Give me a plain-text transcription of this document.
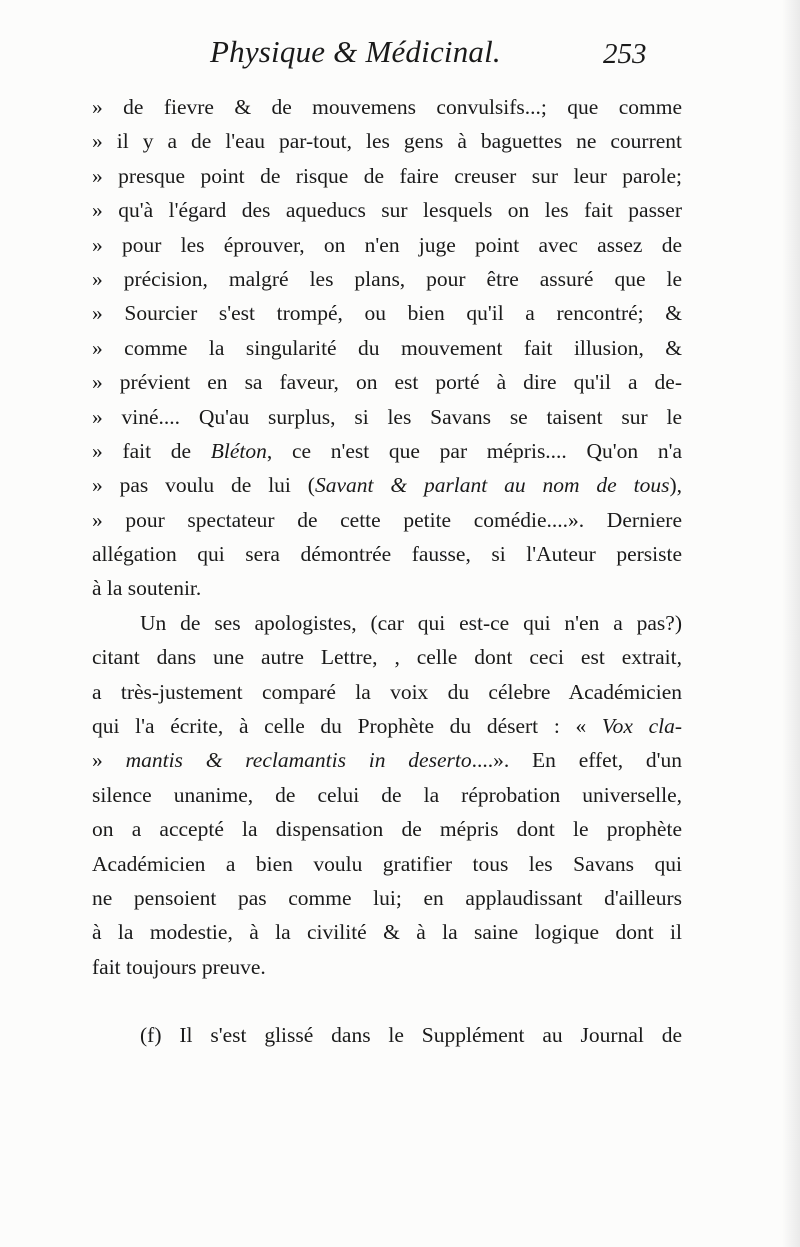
Physique & Médicinal.	253
» de fievre & de mouvemens convulsifs...; que comme
» il y a de l'eau par-tout, les gens à baguettes ne courrent
» presque point de risque de faire creuser sur leur parole;
» qu'à l'égard des aqueducs sur lesquels on les fait passer
» pour les éprouver, on n'en juge point avec assez de
» précision, malgré les plans, pour être assuré que le
» Sourcier s'est trompé, ou bien qu'il a rencontré; &
» comme la singularité du mouvement fait illusion, &
» prévient en sa faveur, on est porté à dire qu'il a de-
» viné.... Qu'au surplus, si les Savans se taisent sur le
» fait de Bléton, ce n'est que par mépris.... Qu'on n'a
» pas voulu de lui (Savant & parlant au nom de tous),
» pour spectateur de cette petite comédie....». Derniere
allégation qui sera démontrée fausse, si l'Auteur persiste
à la soutenir.
Un de ses apologistes, (car qui est-ce qui n'en a pas?)
citant dans une autre Lettre, , celle dont ceci est extrait,
a très-justement comparé la voix du célebre Académicien
qui l'a écrite, à celle du Prophète du désert : « Vox cla-
» mantis & reclamantis in deserto....». En effet, d'un
silence unanime, de celui de la réprobation universelle,
on a accepté la dispensation de mépris dont le prophète
Académicien a bien voulu gratifier tous les Savans qui
ne pensoient pas comme lui; en applaudissant d'ailleurs
à la modestie, à la civilité & à la saine logique dont il
fait toujours preuve.
(f) Il s'est glissé dans le Supplément au Journal de
